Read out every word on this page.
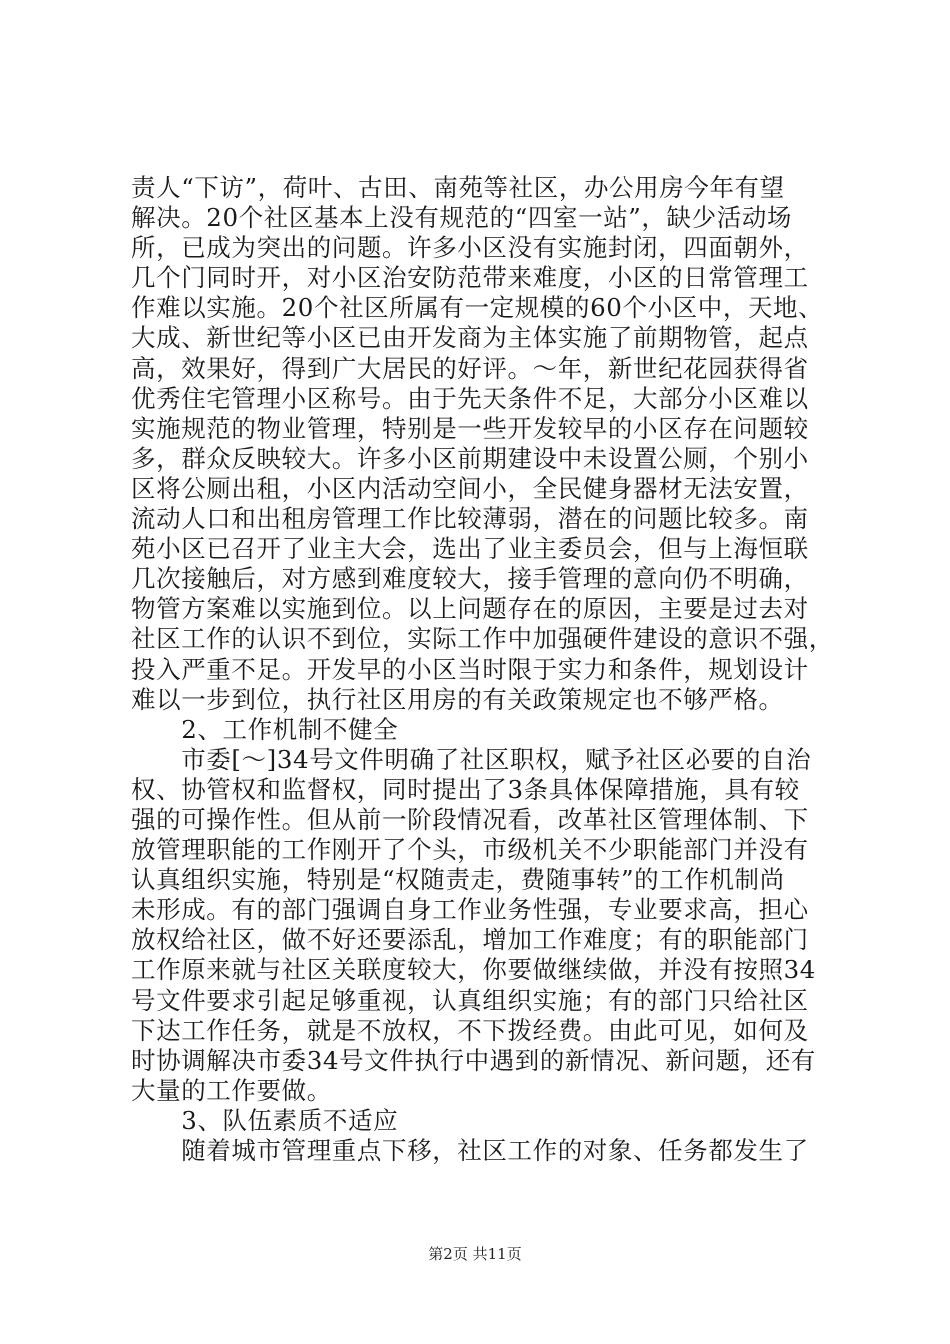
责人“下访”，荷叶、古田、南苑等社区，办公用房今年有望
解决。20个社区基本上没有规范的“四室一站”，缺少活动场
所，已成为突出的问题。许多小区没有实施封闭，四面朝外，
几个门同时开，对小区治安防范带来难度，小区的日常管理工
作难以实施。20个社区所属有一定规模的60个小区中，天地、
大成、新世纪等小区已由开发商为主体实施了前期物管，起点
高，效果好，得到广大居民的好评。～年，新世纪花园获得省
优秀住宅管理小区称号。由于先天条件不足，大部分小区难以
实施规范的物业管理，特别是一些开发较早的小区存在问题较
多，群众反映较大。许多小区前期建设中未设置公厕，个别小
区将公厕出租，小区内活动空间小，全民健身器材无法安置，
流动人口和出租房管理工作比较薄弱，潜在的问题比较多。南
苑小区已召开了业主大会，选出了业主委员会，但与上海恒联
几次接触后，对方感到难度较大，接手管理的意向仍不明确，
物管方案难以实施到位。以上问题存在的原因，主要是过去对
社区工作的认识不到位，实际工作中加强硬件建设的意识不强，
投入严重不足。开发早的小区当时限于实力和条件，规划设计
难以一步到位，执行社区用房的有关政策规定也不够严格。
　　2、工作机制不健全
　　市委[～]34号文件明确了社区职权，赋予社区必要的自治
权、协管权和监督权，同时提出了3条具体保障措施，具有较
强的可操作性。但从前一阶段情况看，改革社区管理体制、下
放管理职能的工作刚开了个头，市级机关不少职能部门并没有
认真组织实施，特别是“权随责走，费随事转”的工作机制尚
未形成。有的部门强调自身工作业务性强，专业要求高，担心
放权给社区，做不好还要添乱，增加工作难度；有的职能部门
工作原来就与社区关联度较大，你要做继续做，并没有按照34
号文件要求引起足够重视，认真组织实施；有的部门只给社区
下达工作任务，就是不放权，不下拨经费。由此可见，如何及
时协调解决市委34号文件执行中遇到的新情况、新问题，还有
大量的工作要做。
　　3、队伍素质不适应
　　随着城市管理重点下移，社区工作的对象、任务都发生了
第2页 共11页
